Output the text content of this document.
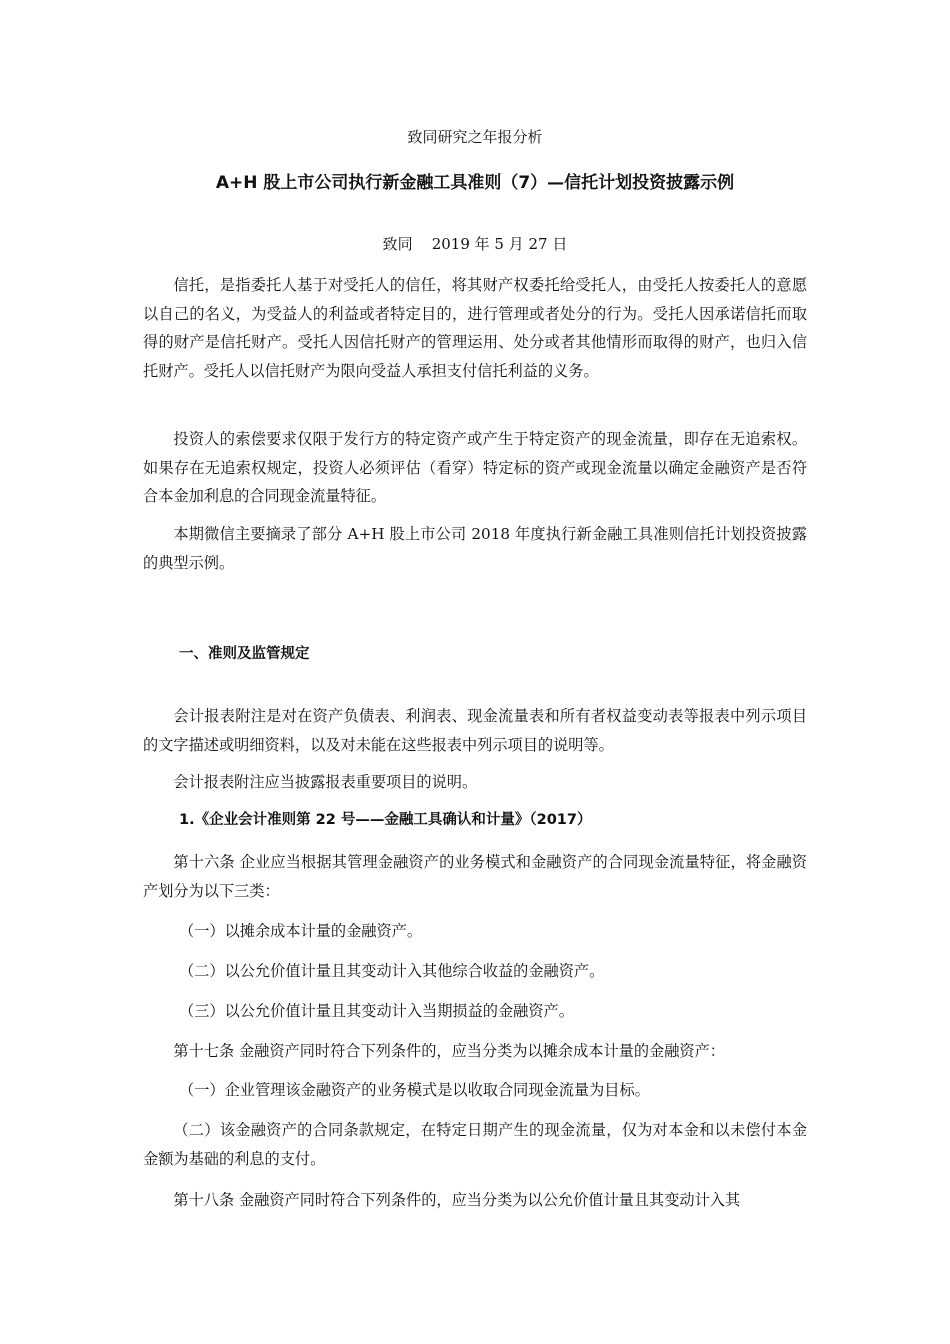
致同研究之年报分析
A+H 股上市公司执行新金融工具准则（7）—信托计划投资披露示例
致同    2019 年 5 月 27 日

信托，是指委托人基于对受托人的信任，将其财产权委托给受托人，由受托人按委托人的意愿以自己的名义，为受益人的利益或者特定目的，进行管理或者处分的行为。受托人因承诺信托而取得的财产是信托财产。受托人因信托财产的管理运用、处分或者其他情形而取得的财产，也归入信托财产。受托人以信托财产为限向受益人承担支付信托利益的义务。

投资人的索偿要求仅限于发行方的特定资产或产生于特定资产的现金流量，即存在无追索权。如果存在无追索权规定，投资人必须评估（看穿）特定标的资产或现金流量以确定金融资产是否符合本金加利息的合同现金流量特征。

本期微信主要摘录了部分 A+H 股上市公司 2018 年度执行新金融工具准则信托计划投资披露的典型示例。

一、准则及监管规定

会计报表附注是对在资产负债表、利润表、现金流量表和所有者权益变动表等报表中列示项目的文字描述或明细资料，以及对未能在这些报表中列示项目的说明等。

会计报表附注应当披露报表重要项目的说明。

1.《企业会计准则第 22 号——金融工具确认和计量》（2017）

第十六条 企业应当根据其管理金融资产的业务模式和金融资产的合同现金流量特征，将金融资产划分为以下三类：

（一）以摊余成本计量的金融资产。

（二）以公允价值计量且其变动计入其他综合收益的金融资产。

（三）以公允价值计量且其变动计入当期损益的金融资产。

第十七条 金融资产同时符合下列条件的，应当分类为以摊余成本计量的金融资产：

（一）企业管理该金融资产的业务模式是以收取合同现金流量为目标。

（二）该金融资产的合同条款规定，在特定日期产生的现金流量，仅为对本金和以未偿付本金金额为基础的利息的支付。

第十八条 金融资产同时符合下列条件的，应当分类为以公允价值计量且其变动计入其
